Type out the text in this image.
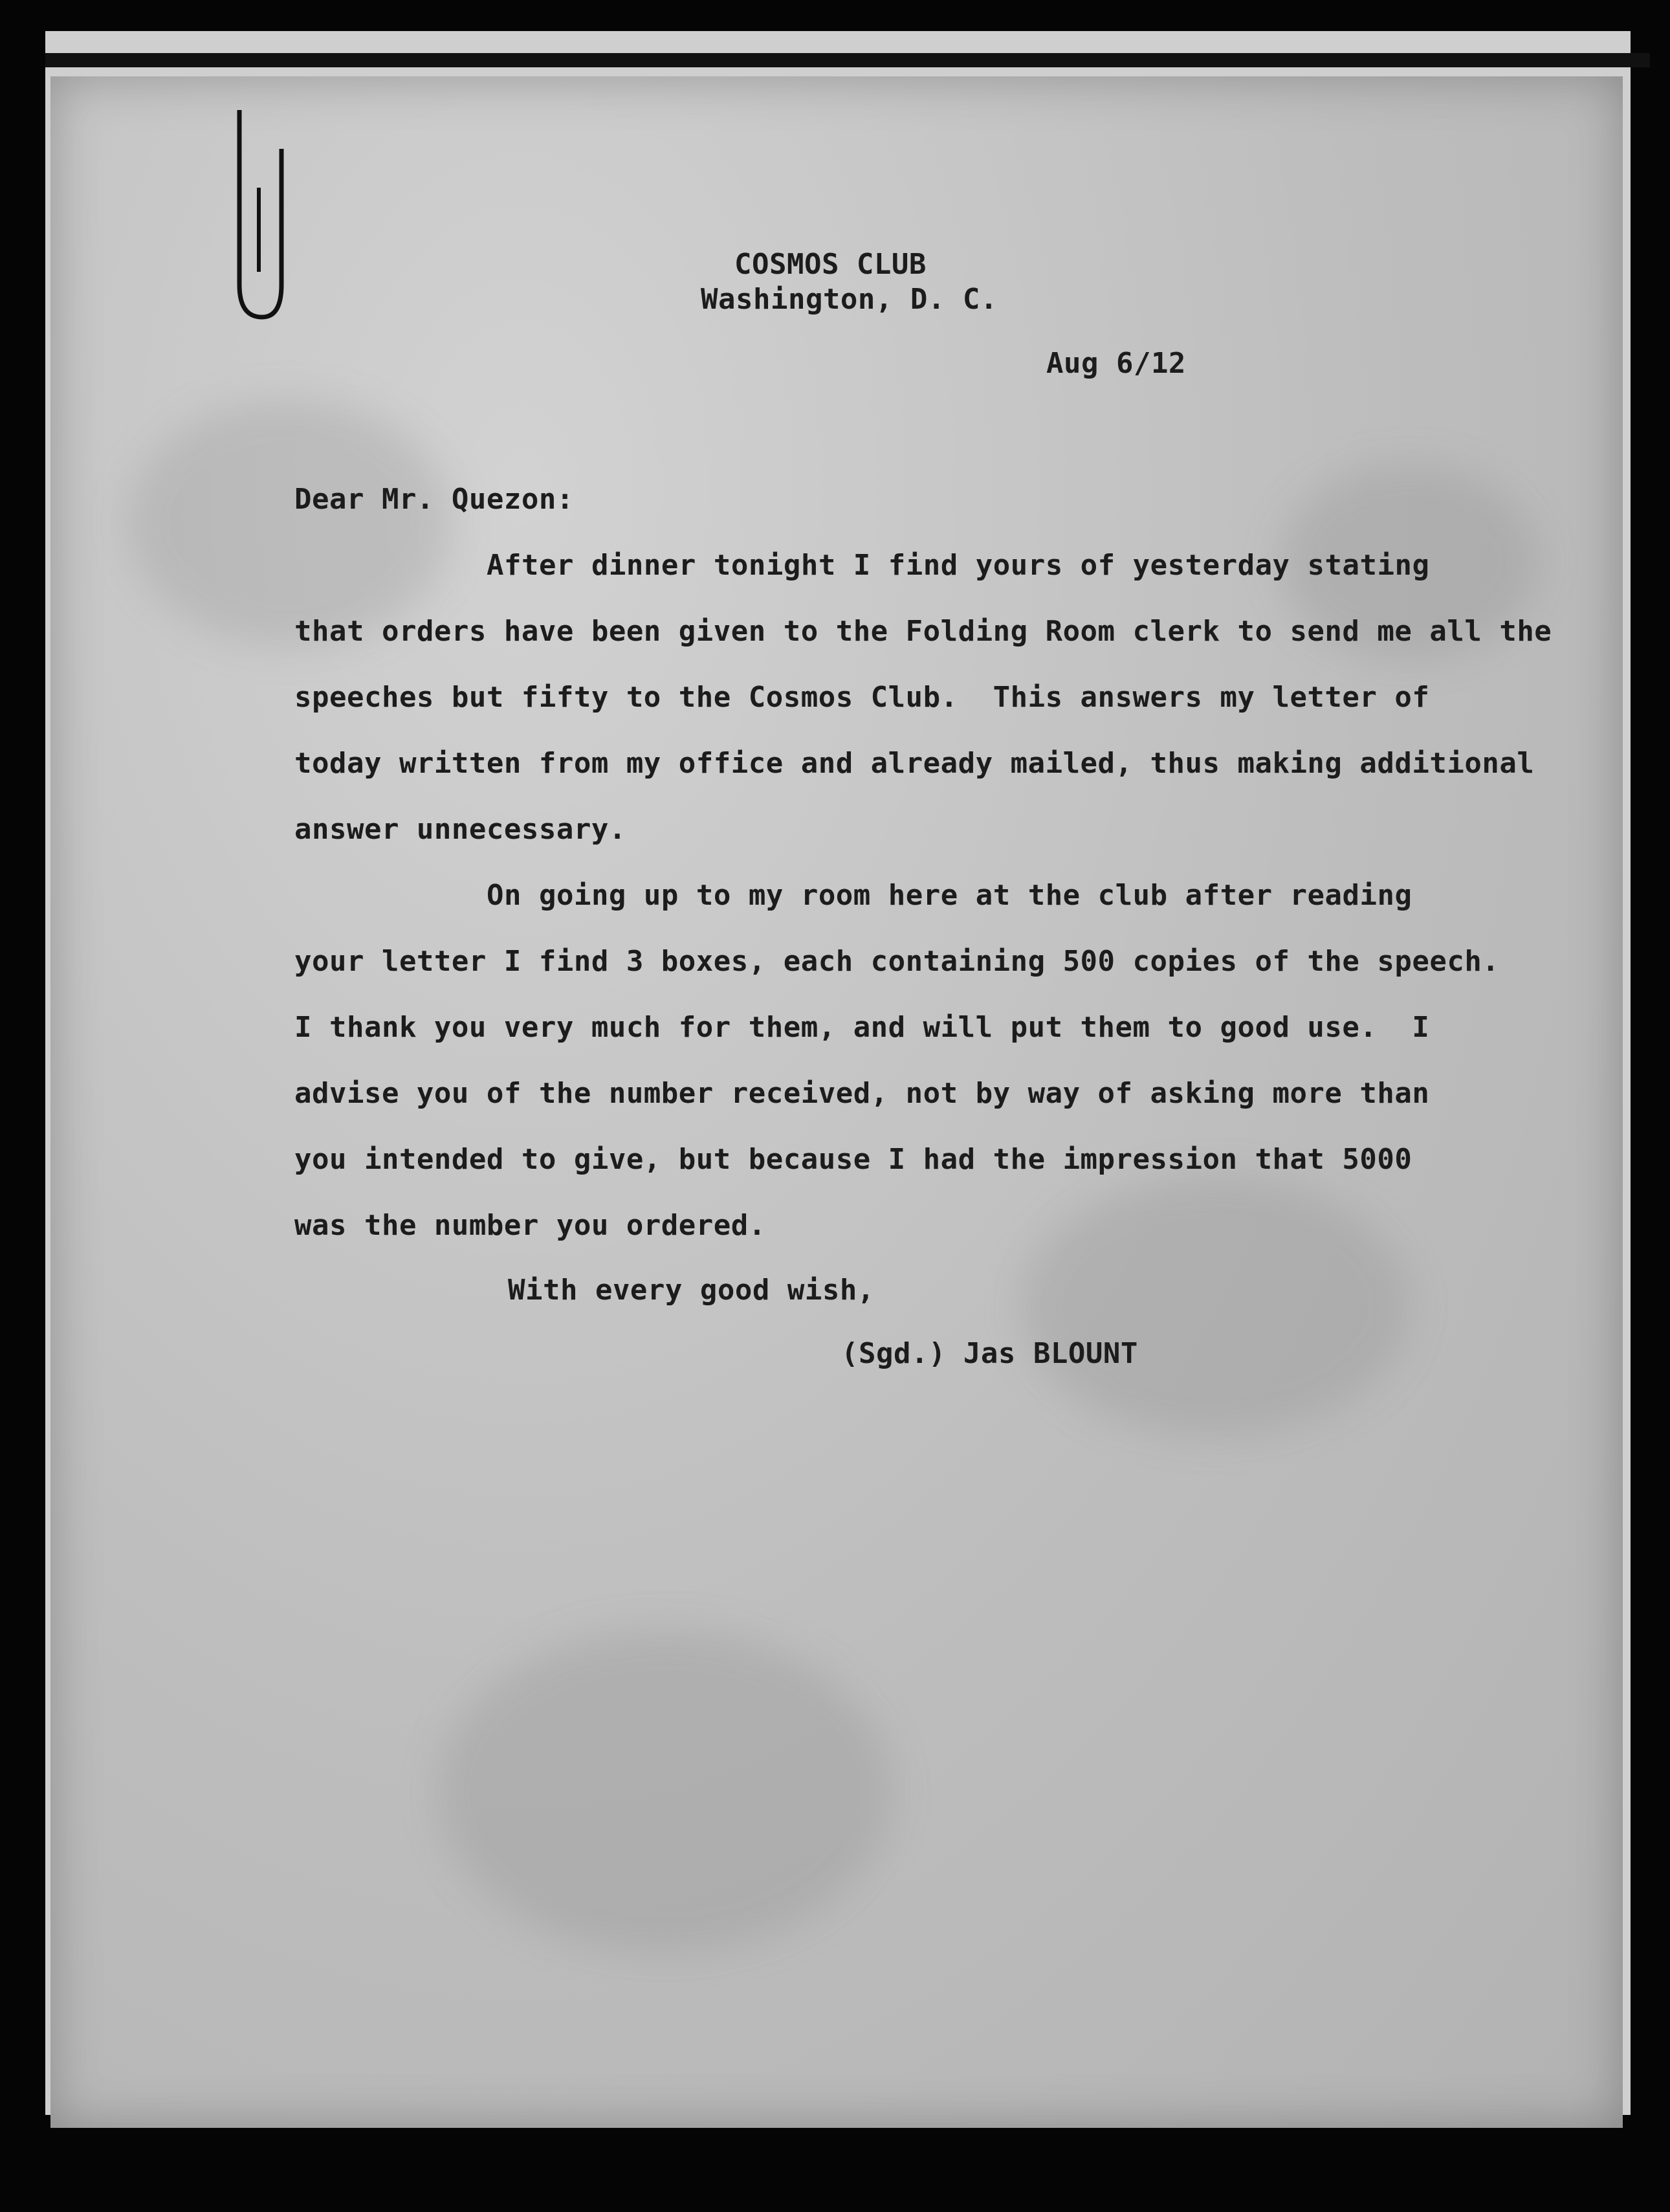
COSMOS CLUB
Washington, D. C.
Aug 6/12
Dear Mr. Quezon:
After dinner tonight I find yours of yesterday stating
that orders have been given to the Folding Room clerk to send me all the
speeches but fifty to the Cosmos Club.  This answers my letter of
today written from my office and already mailed, thus making additional
answer unnecessary.
On going up to my room here at the club after reading
your letter I find 3 boxes, each containing 500 copies of the speech.
I thank you very much for them, and will put them to good use.  I
advise you of the number received, not by way of asking more than
you intended to give, but because I had the impression that 5000
was the number you ordered.
With every good wish,
(Sgd.) Jas BLOUNT
